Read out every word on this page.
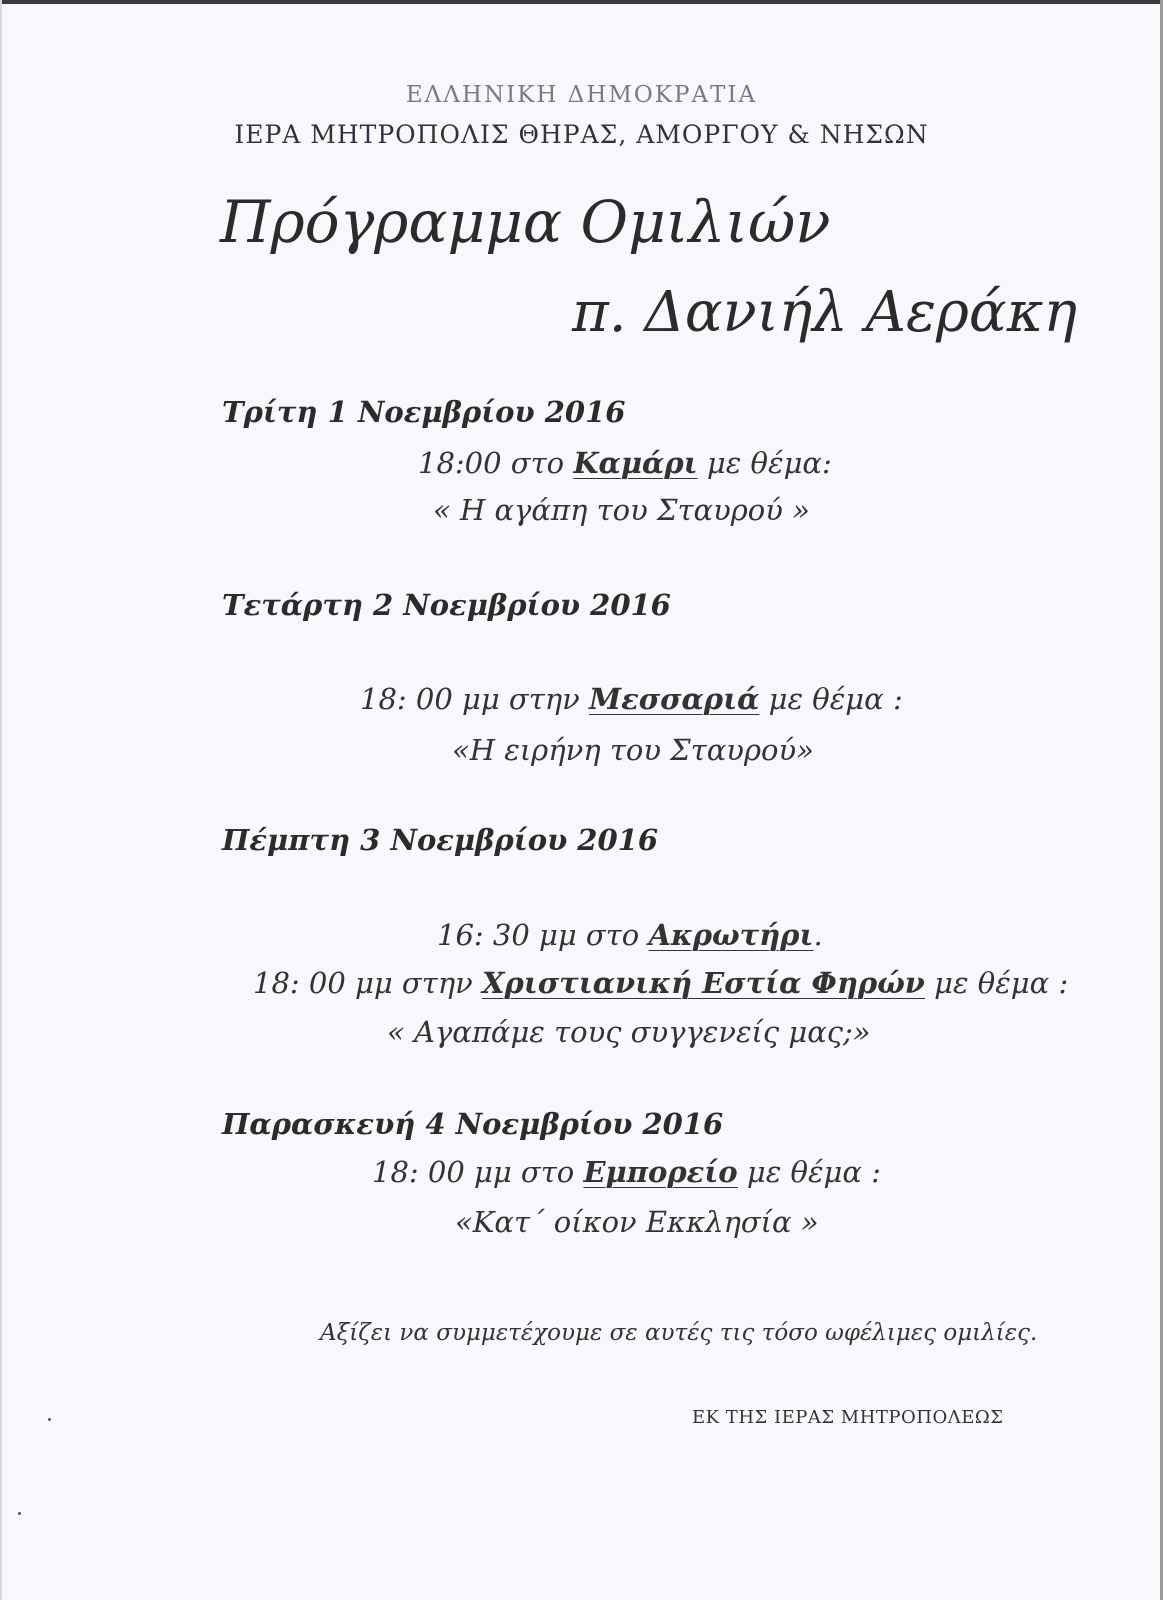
ΕΛΛΗΝΙΚΗ ΔΗΜΟΚΡΑΤΙΑ
ΙΕΡΑ ΜΗΤΡΟΠΟΛΙΣ ΘΗΡΑΣ, ΑΜΟΡΓΟΥ & ΝΗΣΩΝ
Πρόγραμμα Ομιλιών
π. Δανιήλ Αεράκη
Τρίτη 1 Νοεμβρίου 2016
18:00 στο Καμάρι με θέμα:
« Η αγάπη του Σταυρού »
Τετάρτη 2 Νοεμβρίου 2016
18: 00 μμ στην Μεσσαριά με θέμα :
«Η ειρήνη του Σταυρού»
Πέμπτη 3 Νοεμβρίου 2016
16: 30 μμ στο Ακρωτήρι.
18: 00 μμ στην Χριστιανική Εστία Φηρών με θέμα :
« Αγαπάμε τους συγγενείς μας;»
Παρασκευή 4 Νοεμβρίου 2016
18: 00 μμ στο Εμπορείο με θέμα :
«Κατ΄ οίκον Εκκλησία »
Αξίζει να συμμετέχουμε σε αυτές τις τόσο ωφέλιμες ομιλίες.
ΕΚ ΤΗΣ ΙΕΡΑΣ ΜΗΤΡΟΠΟΛΕΩΣ
